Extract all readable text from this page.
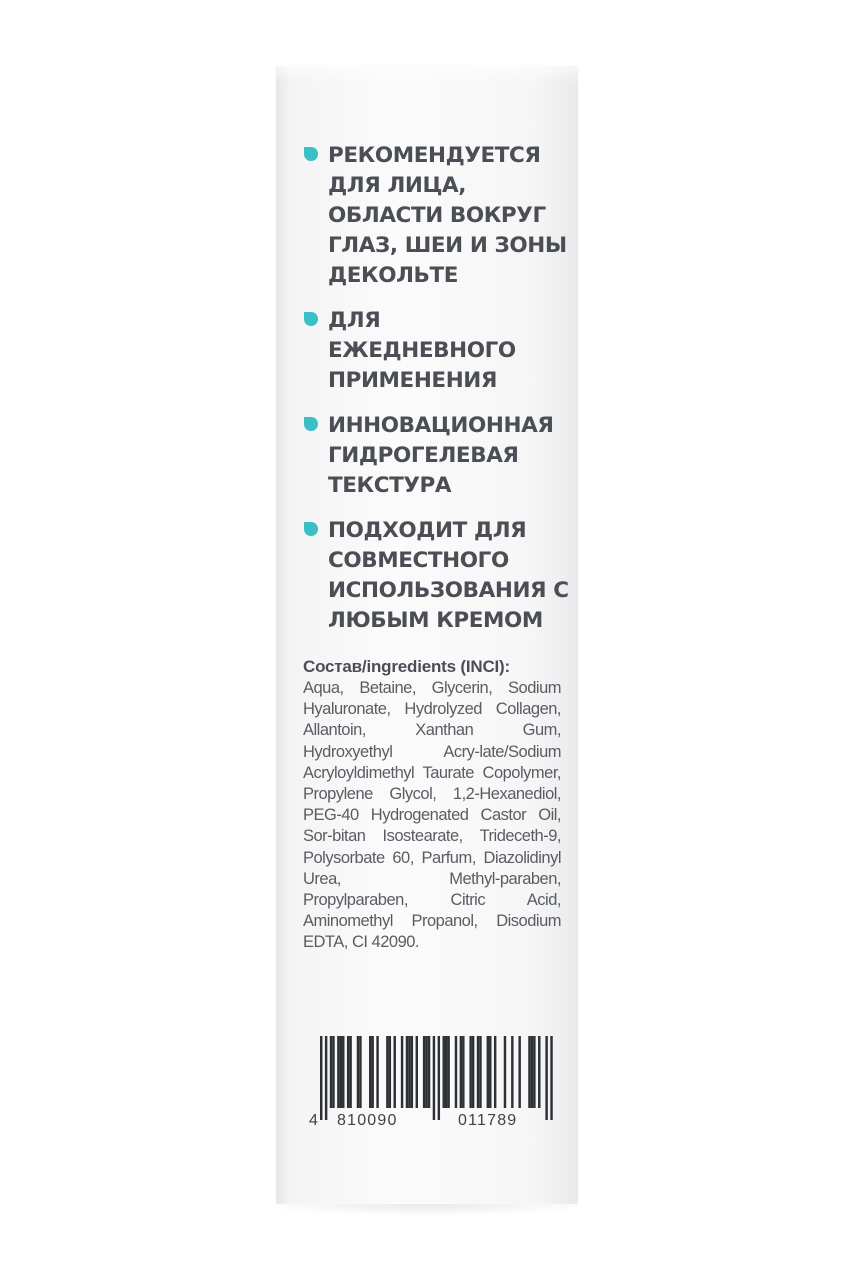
РЕКОМЕНДУЕТСЯ
ДЛЯ ЛИЦА,
ОБЛАСТИ ВОКРУГ
ГЛАЗ, ШЕИ И ЗОНЫ
ДЕКОЛЬТЕ
ДЛЯ ЕЖЕДНЕВНОГО
ПРИМЕНЕНИЯ
ИННОВАЦИОННАЯ
ГИДРОГЕЛЕВАЯ
ТЕКСТУРА
ПОДХОДИТ ДЛЯ
СОВМЕСТНОГО
ИСПОЛЬЗОВАНИЯ С
ЛЮБЫМ КРЕМОМ
Состав/ingredients (INCI):
Aqua, Betaine, Glycerin, Sodium Hyaluronate, Hydrolyzed Collagen, Allantoin, Xanthan Gum, Hydroxyethyl Acry-late/Sodium Acryloyldimethyl Taurate Copolymer, Propylene Glycol, 1,2-Hexanediol, PEG-40 Hydrogenated Castor Oil, Sor-bitan Isostearate, Trideceth-9, Polysorbate 60, Parfum, Diazolidinyl Urea, Methyl-paraben, Propylparaben, Citric Acid, Aminomethyl Propanol, Disodium EDTA, CI 42090.
4 810090	011789
